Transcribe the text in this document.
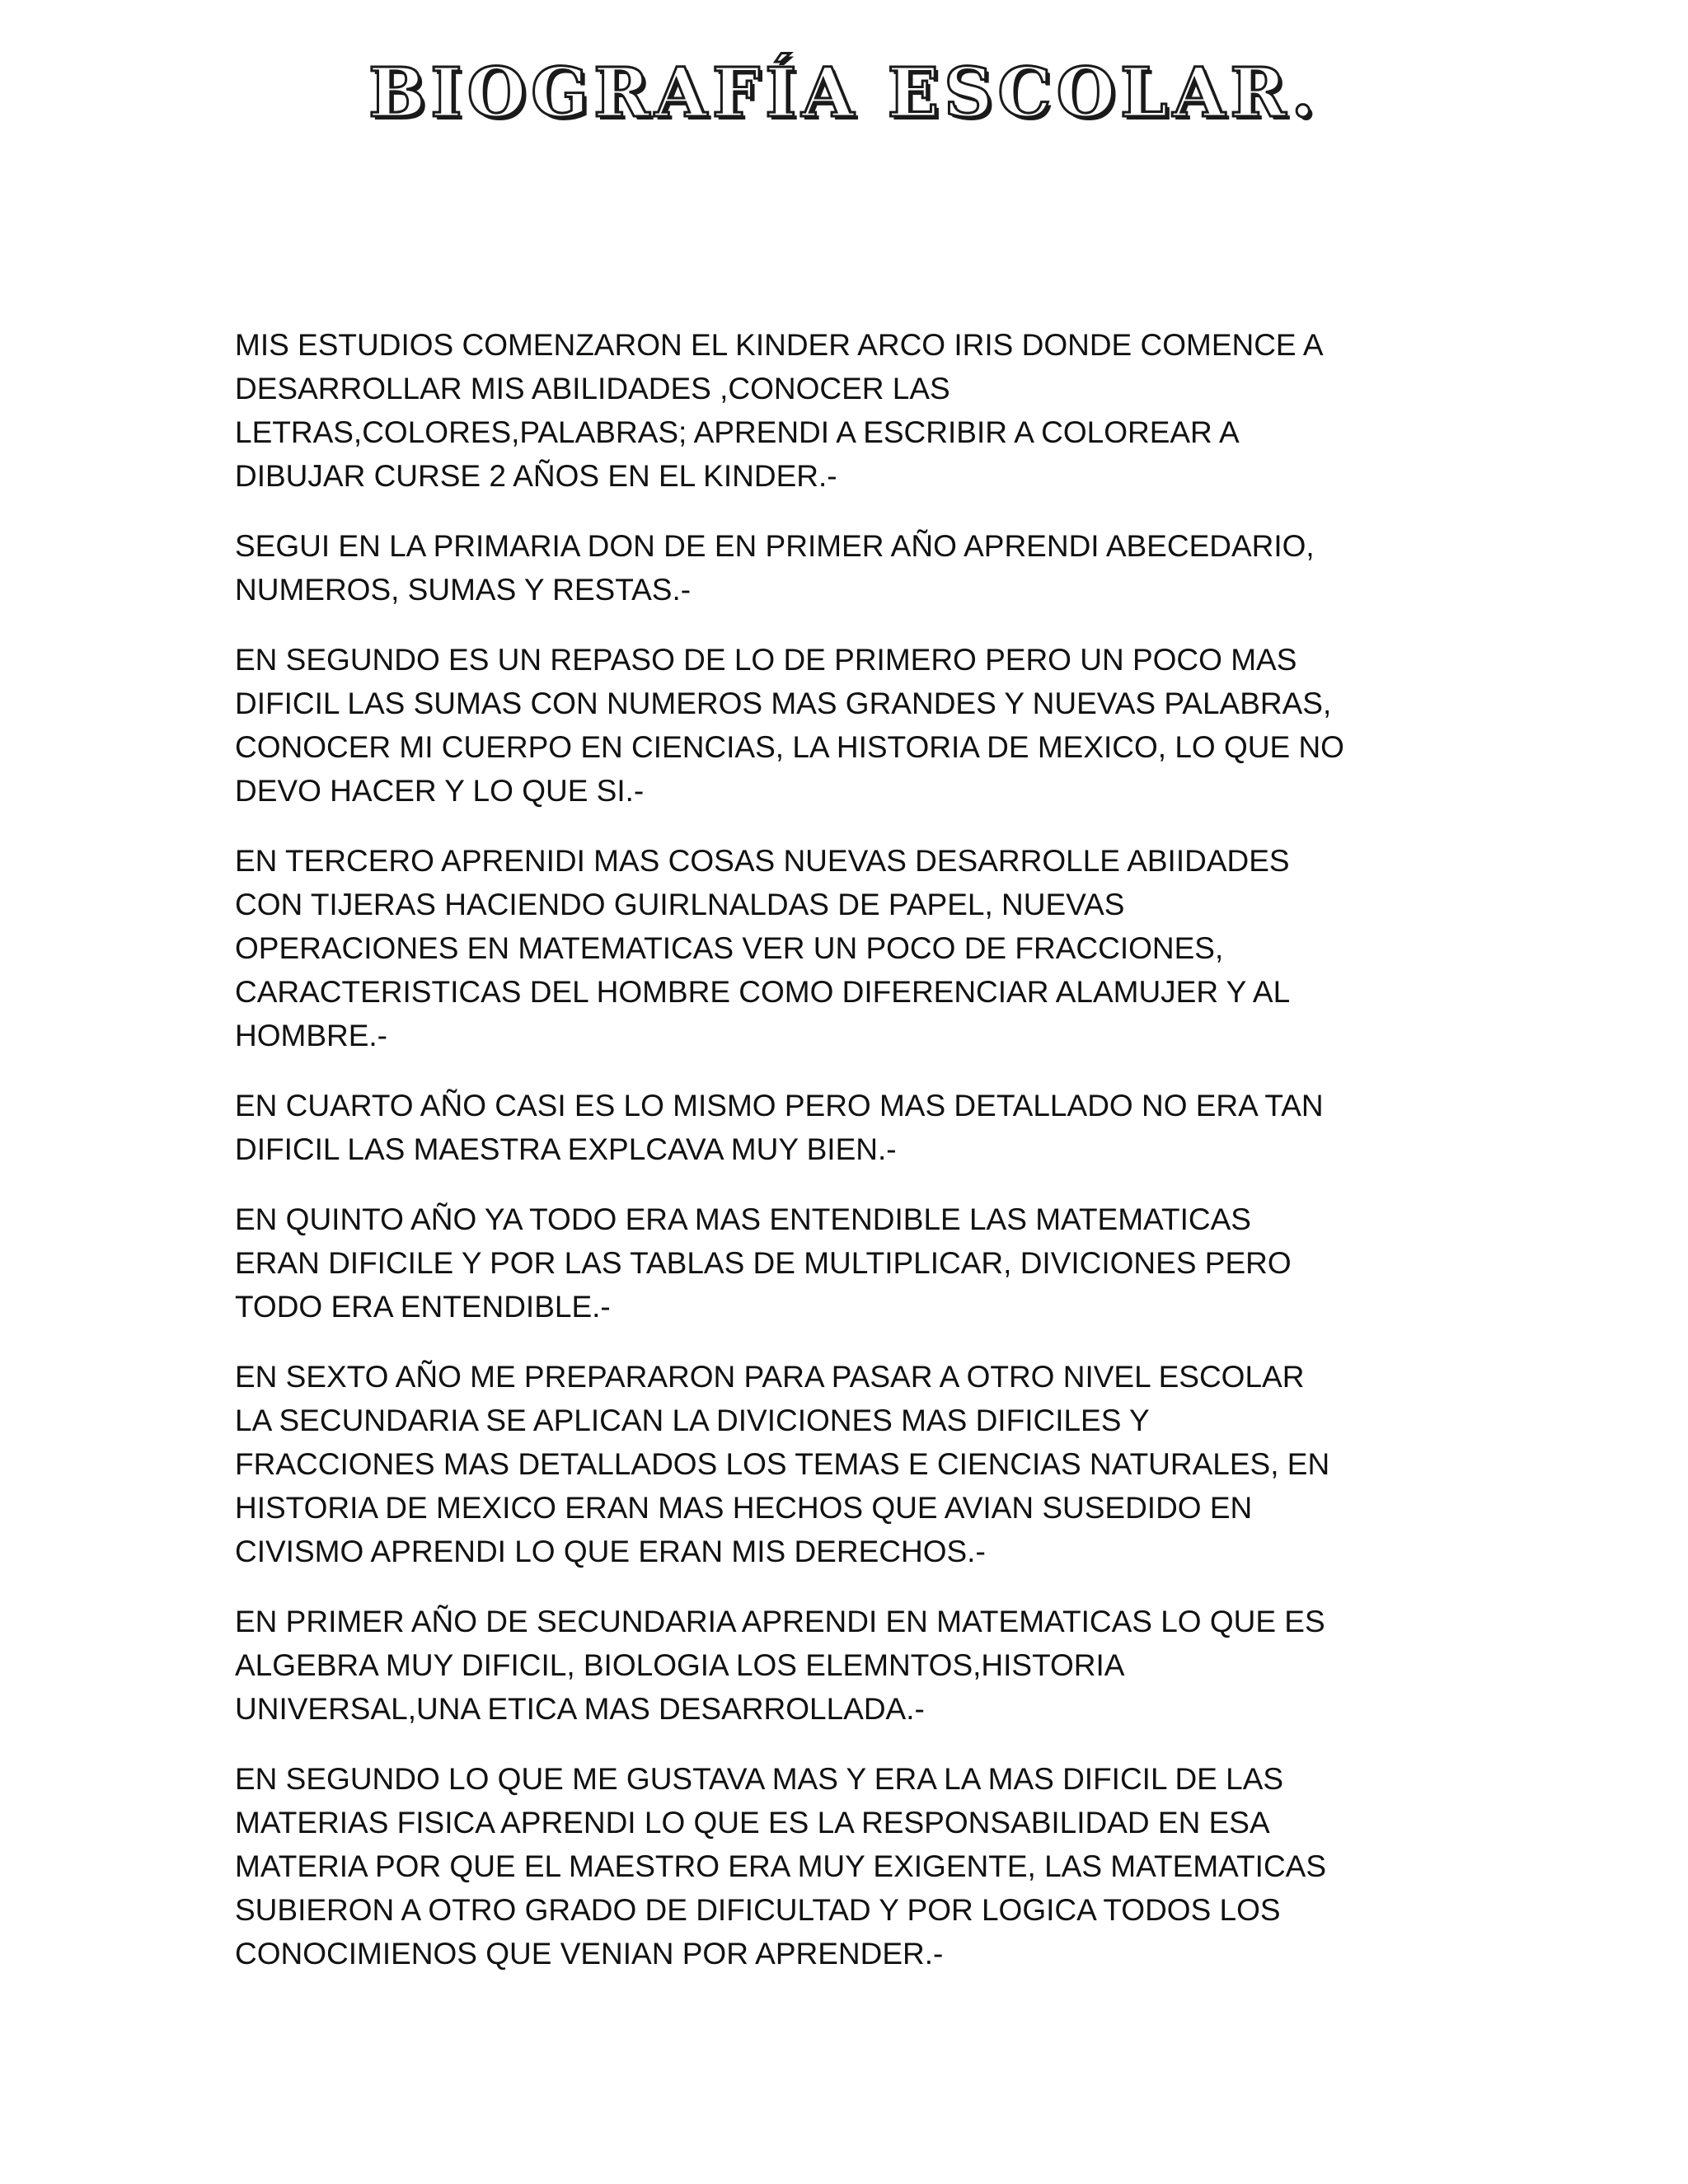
BIOGRAFÍA ESCOLAR.

MIS ESTUDIOS COMENZARON EL KINDER ARCO IRIS DONDE COMENCE A
DESARROLLAR MIS ABILIDADES ,CONOCER LAS
LETRAS,COLORES,PALABRAS; APRENDI A ESCRIBIR A COLOREAR A
DIBUJAR CURSE 2 AÑOS EN EL KINDER.-

SEGUI EN LA PRIMARIA DON DE EN PRIMER AÑO APRENDI ABECEDARIO,
NUMEROS, SUMAS Y RESTAS.-

EN SEGUNDO ES UN REPASO DE LO DE PRIMERO PERO UN POCO MAS
DIFICIL LAS SUMAS CON NUMEROS MAS GRANDES Y NUEVAS PALABRAS,
CONOCER MI CUERPO EN CIENCIAS, LA HISTORIA DE MEXICO, LO QUE NO
DEVO HACER Y LO QUE SI.-

EN TERCERO APRENIDI MAS COSAS NUEVAS DESARROLLE ABIIDADES
CON TIJERAS HACIENDO GUIRLNALDAS DE PAPEL, NUEVAS
OPERACIONES EN MATEMATICAS VER UN POCO DE FRACCIONES,
CARACTERISTICAS DEL HOMBRE COMO DIFERENCIAR ALAMUJER Y AL
HOMBRE.-

EN CUARTO AÑO CASI ES LO MISMO PERO MAS DETALLADO NO ERA TAN
DIFICIL LAS MAESTRA EXPLCAVA MUY BIEN.-

EN QUINTO AÑO YA TODO ERA MAS ENTENDIBLE LAS MATEMATICAS
ERAN DIFICILE Y POR LAS TABLAS DE MULTIPLICAR, DIVICIONES PERO
TODO ERA ENTENDIBLE.-

EN SEXTO AÑO ME PREPARARON PARA PASAR A OTRO NIVEL ESCOLAR
LA SECUNDARIA SE APLICAN LA DIVICIONES MAS DIFICILES Y
FRACCIONES MAS DETALLADOS LOS TEMAS E CIENCIAS NATURALES, EN
HISTORIA DE MEXICO ERAN MAS HECHOS QUE AVIAN SUSEDIDO EN
CIVISMO APRENDI LO QUE ERAN MIS DERECHOS.-

EN PRIMER AÑO DE SECUNDARIA APRENDI EN MATEMATICAS LO QUE ES
ALGEBRA MUY DIFICIL, BIOLOGIA LOS ELEMNTOS,HISTORIA
UNIVERSAL,UNA ETICA MAS DESARROLLADA.-

EN SEGUNDO LO QUE ME GUSTAVA MAS Y ERA LA MAS DIFICIL DE LAS
MATERIAS FISICA APRENDI LO QUE ES LA RESPONSABILIDAD EN ESA
MATERIA POR QUE EL MAESTRO ERA MUY EXIGENTE, LAS MATEMATICAS
SUBIERON A OTRO GRADO DE DIFICULTAD Y POR LOGICA TODOS LOS
CONOCIMIENOS QUE VENIAN POR APRENDER.-
